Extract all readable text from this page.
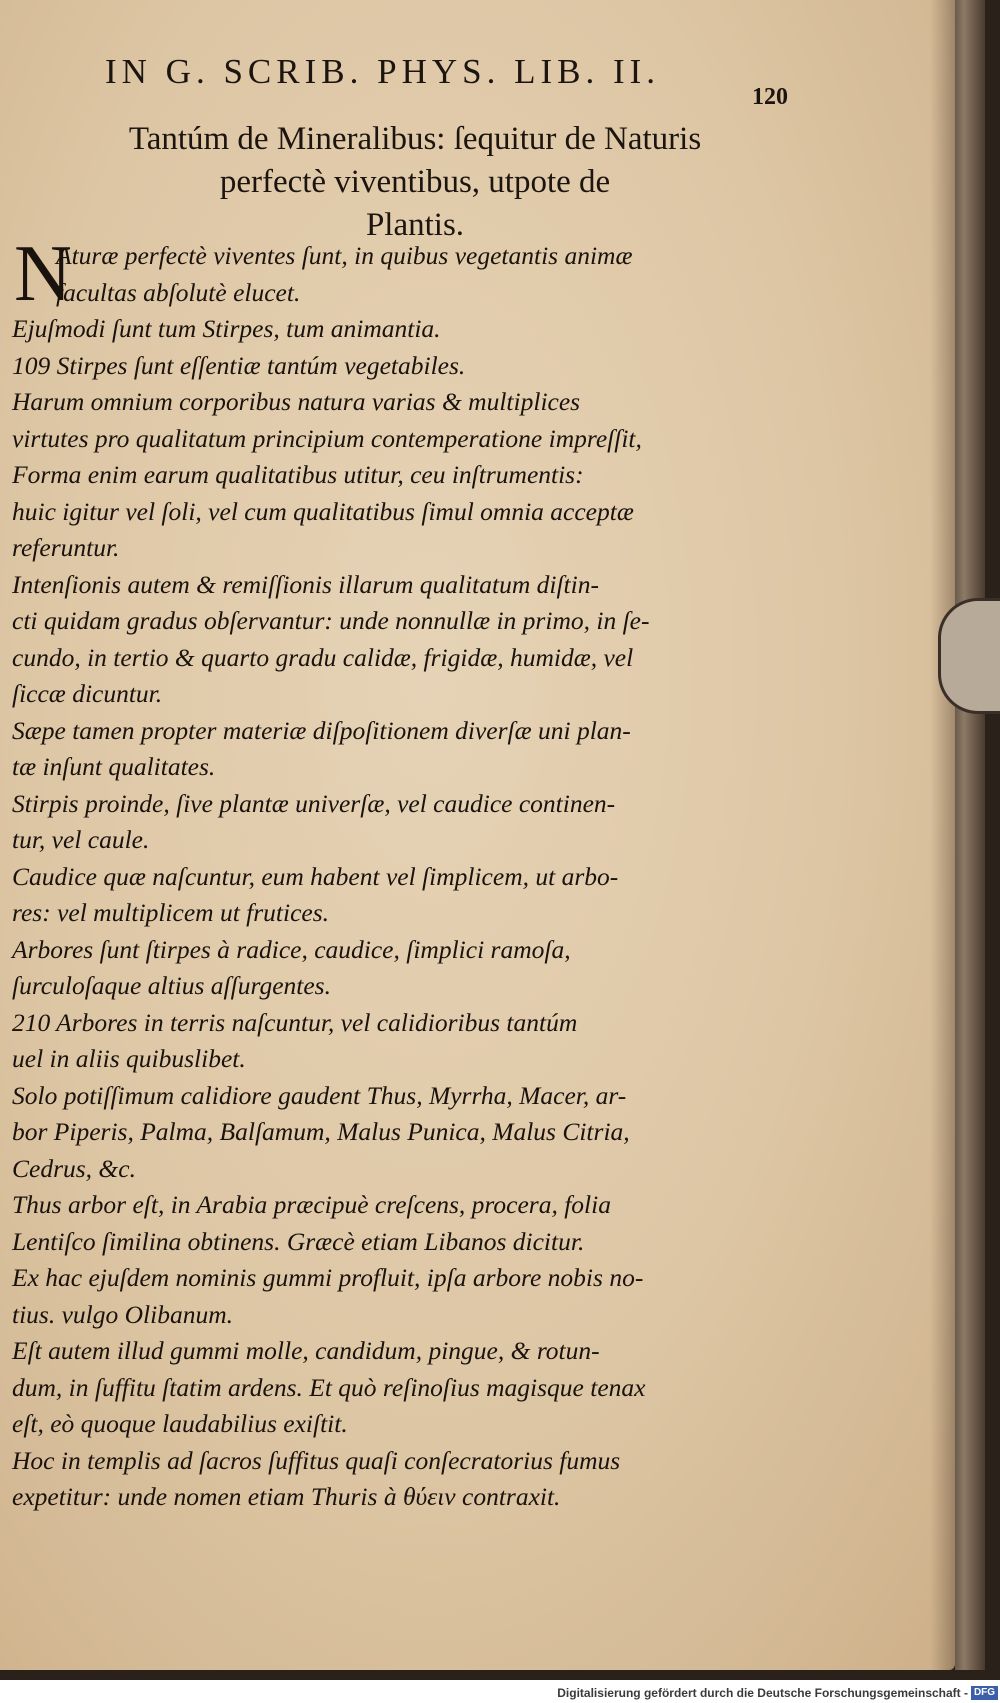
IN G. SCRIB. PHYS. LIB. II.
120
Tantúm de Mineralibus: ſequitur de Naturis
perfectè viventibus, utpote de
Plantis.
N
Aturæ perfectè viventes ſunt, in quibus vegetantis animæ
facultas abſolutè elucet.
Ejuſmodi ſunt tum Stirpes, tum animantia.
109 Stirpes ſunt eſſentiæ tantúm vegetabiles.
Harum omnium corporibus natura varias & multiplices
virtutes pro qualitatum principium contemperatione impreſſit,
Forma enim earum qualitatibus utitur, ceu inſtrumentis:
huic igitur vel ſoli, vel cum qualitatibus ſimul omnia acceptæ
referuntur.
Intenſionis autem & remiſſionis illarum qualitatum diſtin-
cti quidam gradus obſervantur: unde nonnullæ in primo, in ſe-
cundo, in tertio & quarto gradu calidæ, frigidæ, humidæ, vel
ſiccæ dicuntur.
Sæpe tamen propter materiæ diſpoſitionem diverſæ uni plan-
tæ inſunt qualitates.
Stirpis proinde, ſive plantæ univerſæ, vel caudice continen-
tur, vel caule.
Caudice quæ naſcuntur, eum habent vel ſimplicem, ut arbo-
res: vel multiplicem ut frutices.
Arbores ſunt ſtirpes à radice, caudice, ſimplici ramoſa,
ſurculoſaque altius aſſurgentes.
210 Arbores in terris naſcuntur, vel calidioribus tantúm
uel in aliis quibuslibet.
Solo potiſſimum calidiore gaudent Thus, Myrrha, Macer, ar-
bor Piperis, Palma, Balſamum, Malus Punica, Malus Citria,
Cedrus, &c.
Thus arbor eſt, in Arabia præcipuè creſcens, procera, folia
Lentiſco ſimilina obtinens. Græcè etiam Libanos dicitur.
Ex hac ejuſdem nominis gummi profluit, ipſa arbore nobis no-
tius. vulgo Olibanum.
Eſt autem illud gummi molle, candidum, pingue, & rotun-
dum, in ſuffitu ſtatim ardens. Et quò reſinoſius magisque tenax
eſt, eò quoque laudabilius exiſtit.
Hoc in templis ad ſacros ſuffitus quaſi conſecratorius fumus
expetitur: unde nomen etiam Thuris à θύειν contraxit.
Digitalisierung gefördert durch die Deutsche Forschungsgemeinschaft - DFG
